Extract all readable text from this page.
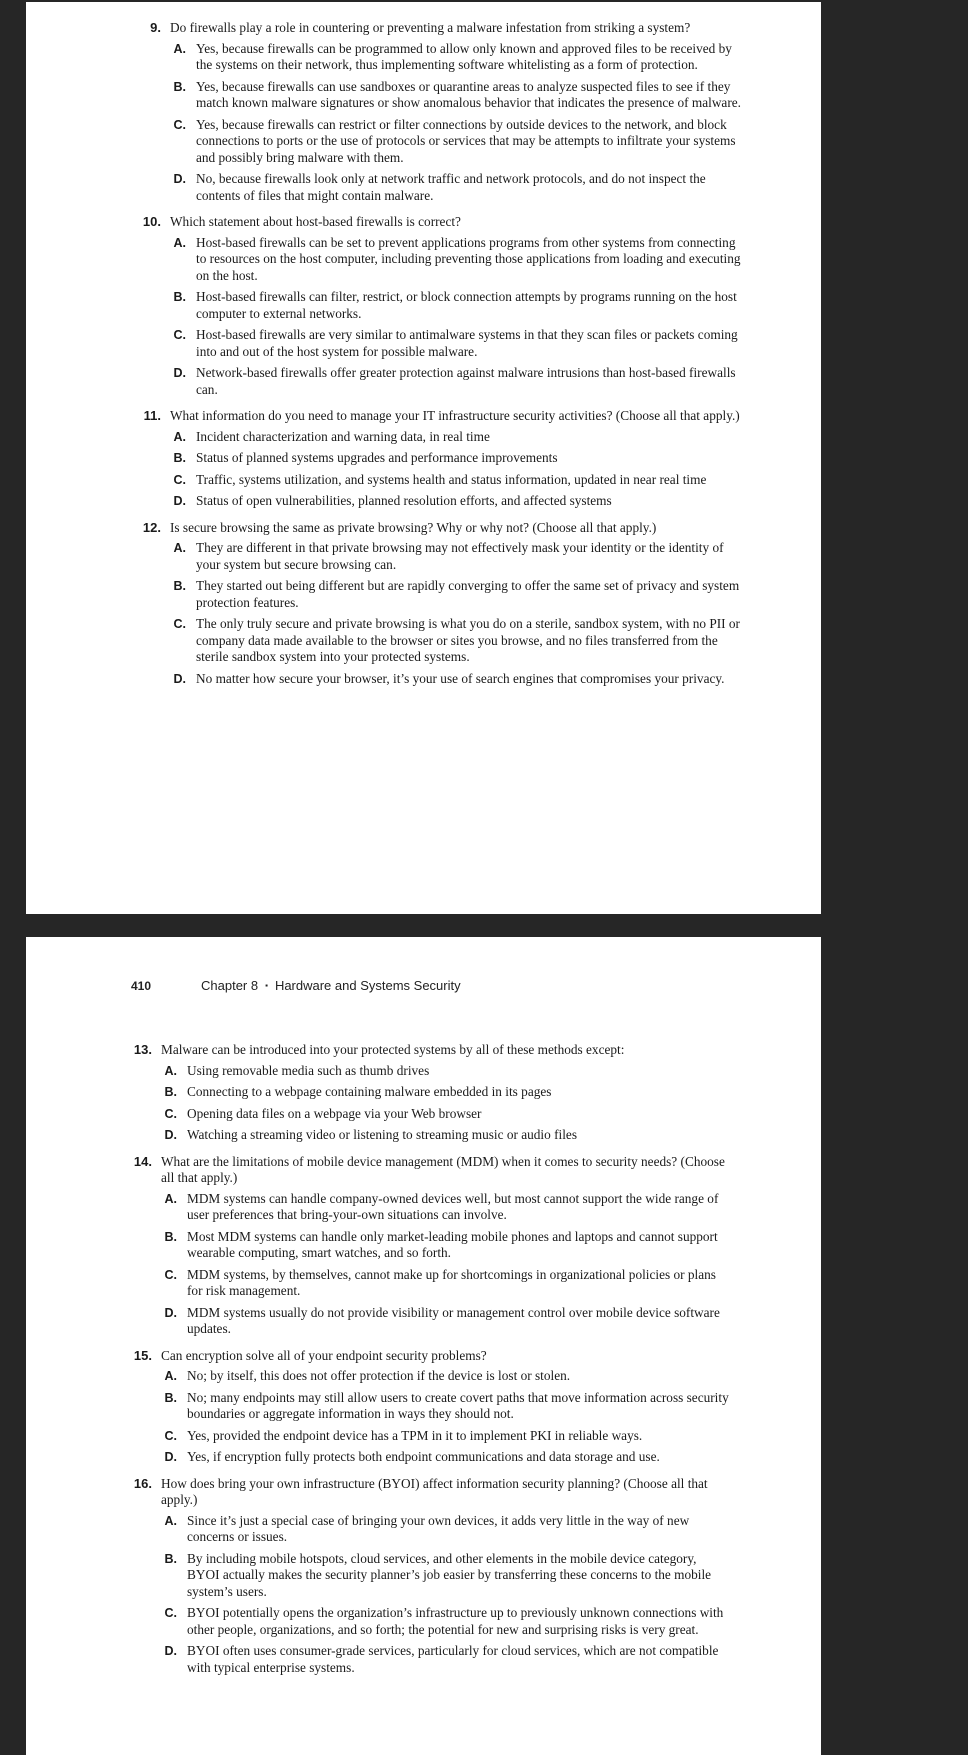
9. Do firewalls play a role in countering or preventing a malware infestation from striking a system?
A. Yes, because firewalls can be programmed to allow only known and approved files to be received by the systems on their network, thus implementing software whitelisting as a form of protection.
B. Yes, because firewalls can use sandboxes or quarantine areas to analyze suspected files to see if they match known malware signatures or show anomalous behavior that indicates the presence of malware.
C. Yes, because firewalls can restrict or filter connections by outside devices to the network, and block connections to ports or the use of protocols or services that may be attempts to infiltrate your systems and possibly bring malware with them.
D. No, because firewalls look only at network traffic and network protocols, and do not inspect the contents of files that might contain malware.
10. Which statement about host-based firewalls is correct?
A. Host-based firewalls can be set to prevent applications programs from other systems from connecting to resources on the host computer, including preventing those applications from loading and executing on the host.
B. Host-based firewalls can filter, restrict, or block connection attempts by programs running on the host computer to external networks.
C. Host-based firewalls are very similar to antimalware systems in that they scan files or packets coming into and out of the host system for possible malware.
D. Network-based firewalls offer greater protection against malware intrusions than host-based firewalls can.
11. What information do you need to manage your IT infrastructure security activities? (Choose all that apply.)
A. Incident characterization and warning data, in real time
B. Status of planned systems upgrades and performance improvements
C. Traffic, systems utilization, and systems health and status information, updated in near real time
D. Status of open vulnerabilities, planned resolution efforts, and affected systems
12. Is secure browsing the same as private browsing? Why or why not? (Choose all that apply.)
A. They are different in that private browsing may not effectively mask your identity or the identity of your system but secure browsing can.
B. They started out being different but are rapidly converging to offer the same set of privacy and system protection features.
C. The only truly secure and private browsing is what you do on a sterile, sandbox system, with no PII or company data made available to the browser or sites you browse, and no files transferred from the sterile sandbox system into your protected systems.
D. No matter how secure your browser, it’s your use of search engines that compromises your privacy.
410	Chapter 8 ▪ Hardware and Systems Security
13. Malware can be introduced into your protected systems by all of these methods except:
A. Using removable media such as thumb drives
B. Connecting to a webpage containing malware embedded in its pages
C. Opening data files on a webpage via your Web browser
D. Watching a streaming video or listening to streaming music or audio files
14. What are the limitations of mobile device management (MDM) when it comes to security needs? (Choose all that apply.)
A. MDM systems can handle company-owned devices well, but most cannot support the wide range of user preferences that bring-your-own situations can involve.
B. Most MDM systems can handle only market-leading mobile phones and laptops and cannot support wearable computing, smart watches, and so forth.
C. MDM systems, by themselves, cannot make up for shortcomings in organizational policies or plans for risk management.
D. MDM systems usually do not provide visibility or management control over mobile device software updates.
15. Can encryption solve all of your endpoint security problems?
A. No; by itself, this does not offer protection if the device is lost or stolen.
B. No; many endpoints may still allow users to create covert paths that move information across security boundaries or aggregate information in ways they should not.
C. Yes, provided the endpoint device has a TPM in it to implement PKI in reliable ways.
D. Yes, if encryption fully protects both endpoint communications and data storage and use.
16. How does bring your own infrastructure (BYOI) affect information security planning? (Choose all that apply.)
A. Since it’s just a special case of bringing your own devices, it adds very little in the way of new concerns or issues.
B. By including mobile hotspots, cloud services, and other elements in the mobile device category, BYOI actually makes the security planner’s job easier by transferring these concerns to the mobile system’s users.
C. BYOI potentially opens the organization’s infrastructure up to previously unknown connections with other people, organizations, and so forth; the potential for new and surprising risks is very great.
D. BYOI often uses consumer-grade services, particularly for cloud services, which are not compatible with typical enterprise systems.
